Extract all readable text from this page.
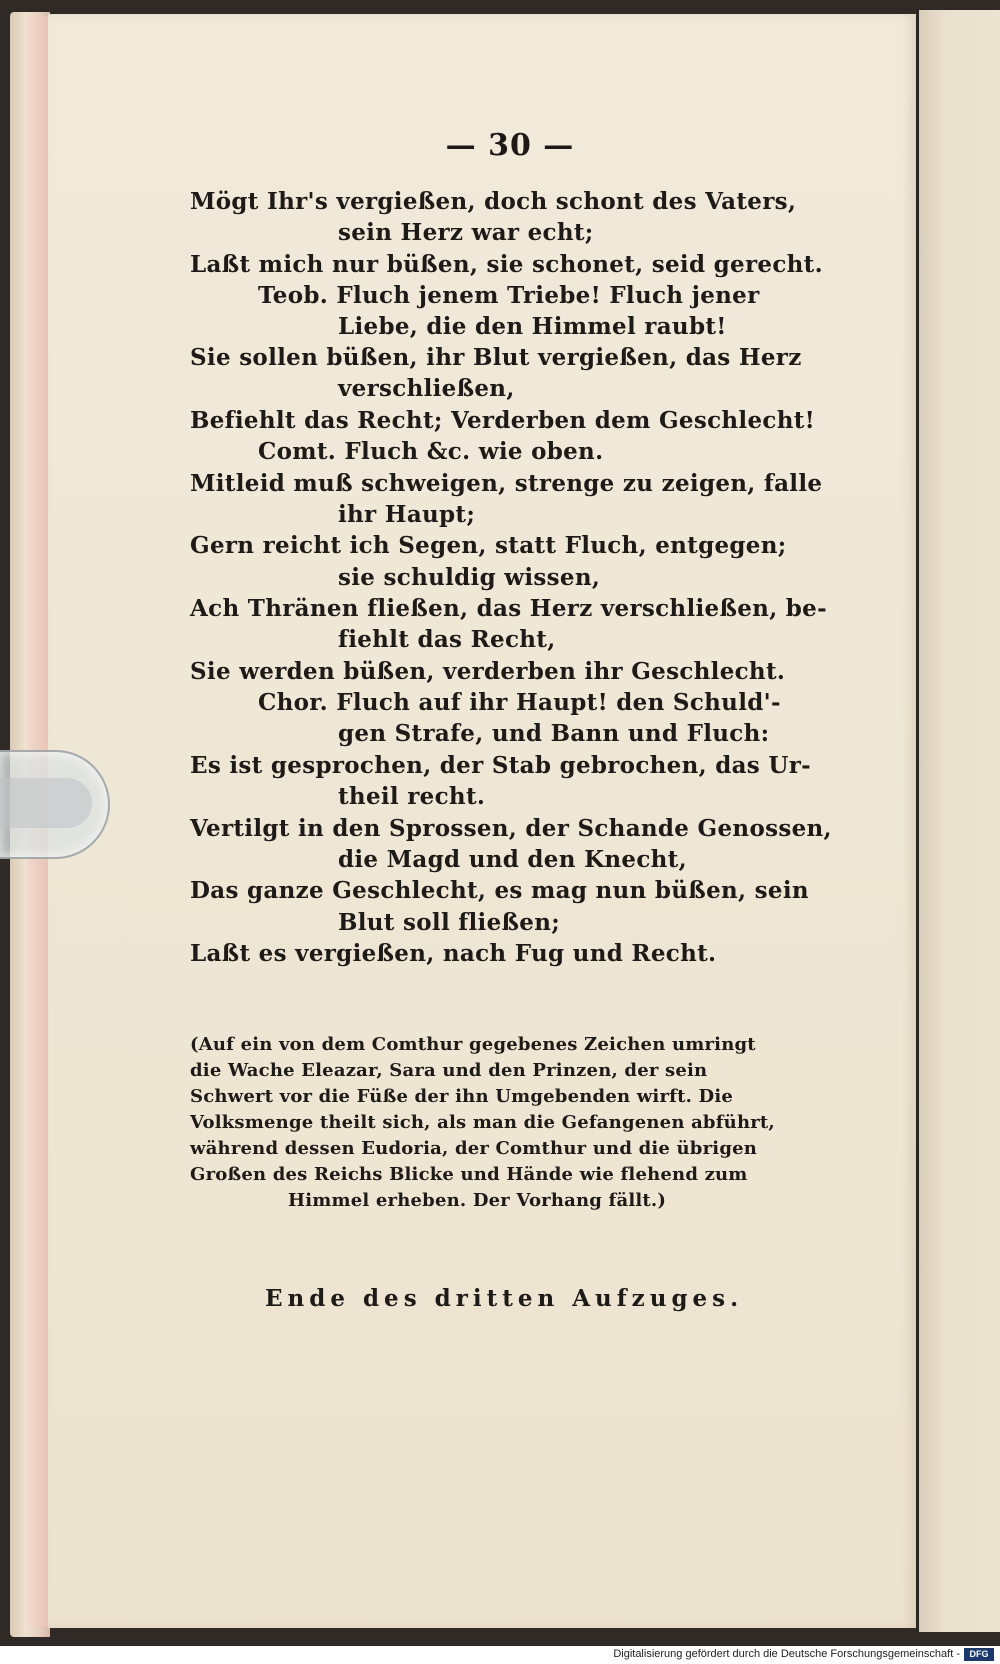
— 30 —
Mögt Ihr's vergießen, doch schont des Vaters,
sein Herz war echt;
Laßt mich nur büßen, sie schonet, seid gerecht.
Teob. Fluch jenem Triebe! Fluch jener
Liebe, die den Himmel raubt!
Sie sollen büßen, ihr Blut vergießen, das Herz
verschließen,
Befiehlt das Recht; Verderben dem Geschlecht!
Comt. Fluch &c. wie oben.
Mitleid muß schweigen, strenge zu zeigen, falle
ihr Haupt;
Gern reicht ich Segen, statt Fluch, entgegen;
sie schuldig wissen,
Ach Thränen fließen, das Herz verschließen, be-
fiehlt das Recht,
Sie werden büßen, verderben ihr Geschlecht.
Chor. Fluch auf ihr Haupt! den Schuld'-
gen Strafe, und Bann und Fluch:
Es ist gesprochen, der Stab gebrochen, das Ur-
theil recht.
Vertilgt in den Sprossen, der Schande Genossen,
die Magd und den Knecht,
Das ganze Geschlecht, es mag nun büßen, sein
Blut soll fließen;
Laßt es vergießen, nach Fug und Recht.
(Auf ein von dem Comthur gegebenes Zeichen umringt
die Wache Eleazar, Sara und den Prinzen, der sein
Schwert vor die Füße der ihn Umgebenden wirft. Die
Volksmenge theilt sich, als man die Gefangenen abführt,
während dessen Eudoria, der Comthur und die übrigen
Großen des Reichs Blicke und Hände wie flehend zum
Himmel erheben. Der Vorhang fällt.)
Ende des dritten Aufzuges.
Digitalisierung gefördert durch die Deutsche Forschungsgemeinschaft -	DFG
